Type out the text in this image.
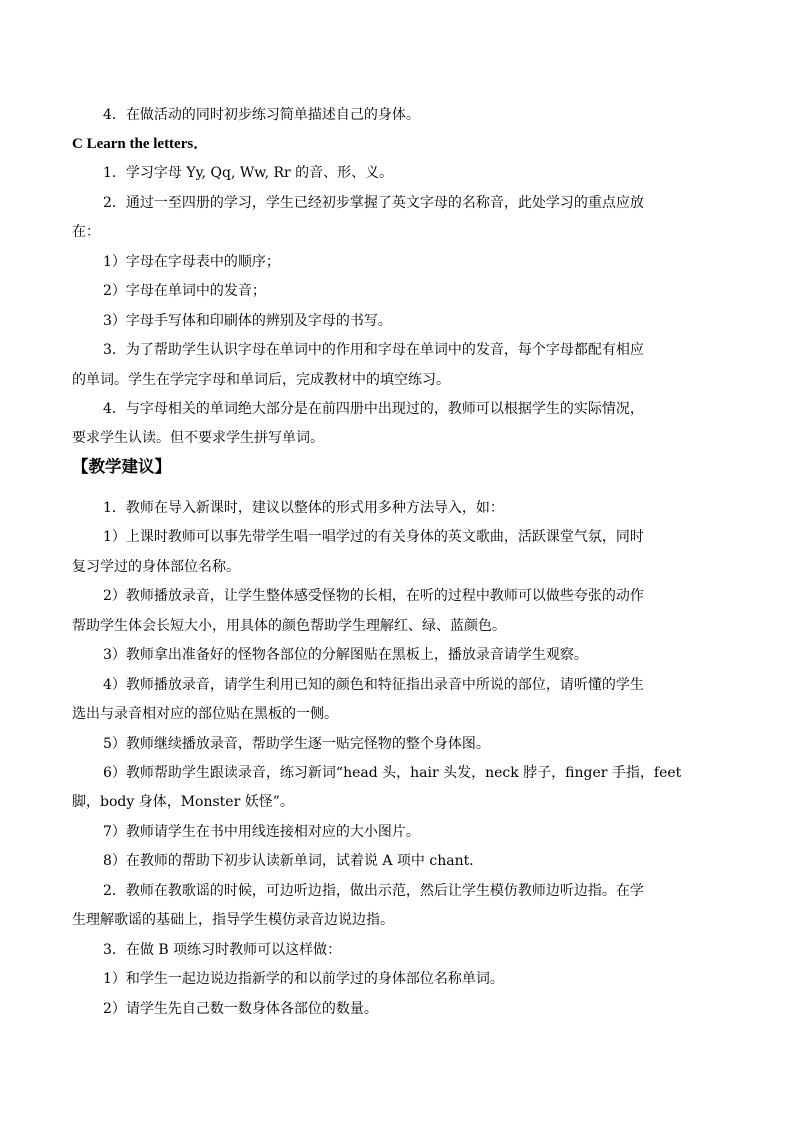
4．在做活动的同时初步练习简单描述自己的身体。
C Learn the letters．
1．学习字母 Yy, Qq, Ww, Rr 的音、形、义。
2．通过一至四册的学习，学生已经初步掌握了英文字母的名称音，此处学习的重点应放
在：
1）字母在字母表中的顺序；
2）字母在单词中的发音；
3）字母手写体和印刷体的辨别及字母的书写。
3．为了帮助学生认识字母在单词中的作用和字母在单词中的发音，每个字母都配有相应
的单词。学生在学完字母和单词后，完成教材中的填空练习。
4．与字母相关的单词绝大部分是在前四册中出现过的，教师可以根据学生的实际情况，
要求学生认读。但不要求学生拼写单词。
【教学建议】
1．教师在导入新课时，建议以整体的形式用多种方法导入，如：
1）上课时教师可以事先带学生唱一唱学过的有关身体的英文歌曲，活跃课堂气氛，同时
复习学过的身体部位名称。
2）教师播放录音，让学生整体感受怪物的长相，在听的过程中教师可以做些夸张的动作
帮助学生体会长短大小，用具体的颜色帮助学生理解红、绿、蓝颜色。
3）教师拿出准备好的怪物各部位的分解图贴在黑板上，播放录音请学生观察。
4）教师播放录音，请学生利用已知的颜色和特征指出录音中所说的部位，请听懂的学生
选出与录音相对应的部位贴在黑板的一侧。
5）教师继续播放录音，帮助学生逐一贴完怪物的整个身体图。
6）教师帮助学生跟读录音，练习新词“head 头，hair 头发，neck 脖子，finger 手指，feet
脚，body 身体，Monster 妖怪”。
7）教师请学生在书中用线连接相对应的大小图片。
8）在教师的帮助下初步认读新单词，试着说 A 项中 chant．
2．教师在教歌谣的时候，可边听边指，做出示范，然后让学生模仿教师边听边指。在学
生理解歌谣的基础上，指导学生模仿录音边说边指。
3．在做 B 项练习时教师可以这样做：
1）和学生一起边说边指新学的和以前学过的身体部位名称单词。
2）请学生先自己数一数身体各部位的数量。
